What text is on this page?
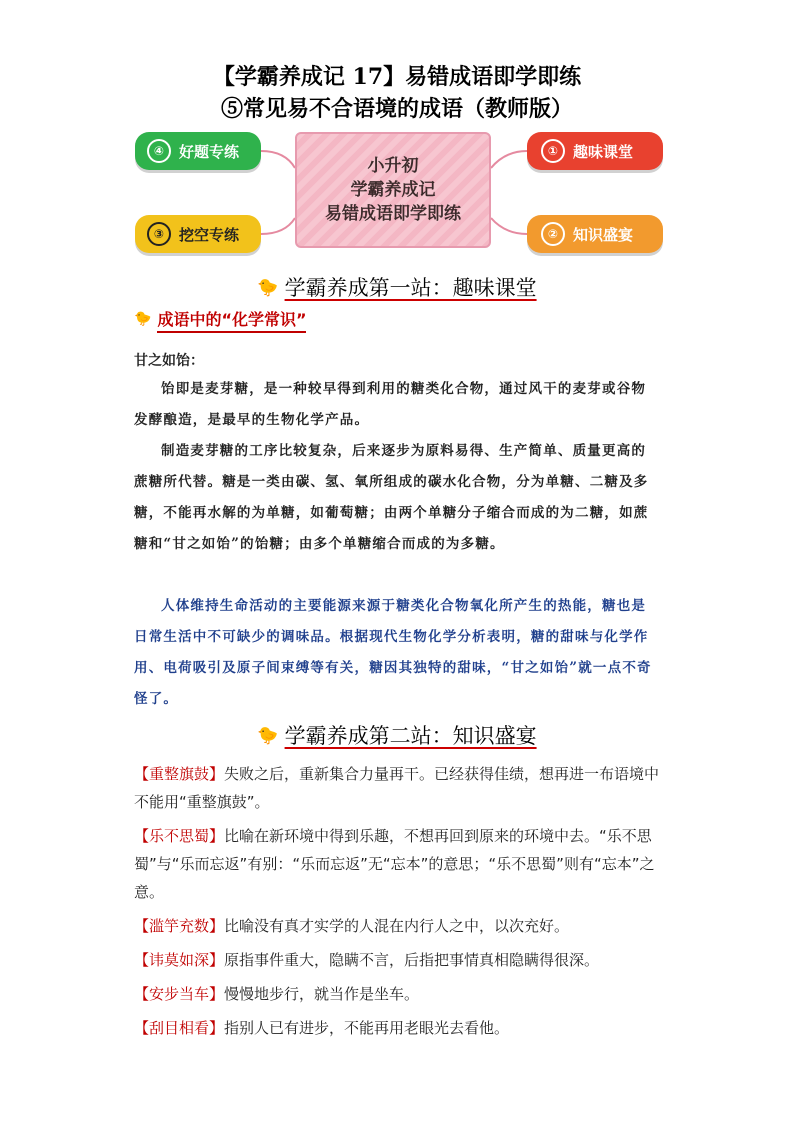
【学霸养成记 17】易错成语即学即练
⑤常见易不合语境的成语（教师版）
④ 好题专练
③ 挖空专练
小升初
学霸养成记
易错成语即学即练
① 趣味课堂
② 知识盛宴
🐤 学霸养成第一站：趣味课堂
🐤 成语中的“化学常识”
甘之如饴：

饴即是麦芽糖，是一种较早得到利用的糖类化合物，通过风干的麦芽或谷物发酵酿造，是最早的生物化学产品。

制造麦芽糖的工序比较复杂，后来逐步为原料易得、生产简单、质量更高的蔗糖所代替。糖是一类由碳、氢、氧所组成的碳水化合物，分为单糖、二糖及多糖，不能再水解的为单糖，如葡萄糖；由两个单糖分子缩合而成的为二糖，如蔗糖和“甘之如饴”的饴糖；由多个单糖缩合而成的为多糖。

人体维持生命活动的主要能源来源于糖类化合物氧化所产生的热能，糖也是日常生活中不可缺少的调味品。根据现代生物化学分析表明，糖的甜味与化学作用、电荷吸引及原子间束缚等有关，糖因其独特的甜味，“甘之如饴”就一点不奇怪了。

🐤 学霸养成第二站：知识盛宴

【重整旗鼓】失败之后，重新集合力量再干。已经获得佳绩，想再进一布语境中不能用“重整旗鼓”。

【乐不思蜀】比喻在新环境中得到乐趣，不想再回到原来的环境中去。“乐不思蜀”与“乐而忘返”有别：“乐而忘返”无“忘本”的意思；“乐不思蜀”则有“忘本”之意。

【滥竽充数】比喻没有真才实学的人混在内行人之中，以次充好。

【讳莫如深】原指事件重大，隐瞒不言，后指把事情真相隐瞒得很深。

【安步当车】慢慢地步行，就当作是坐车。

【刮目相看】指别人已有进步，不能再用老眼光去看他。
